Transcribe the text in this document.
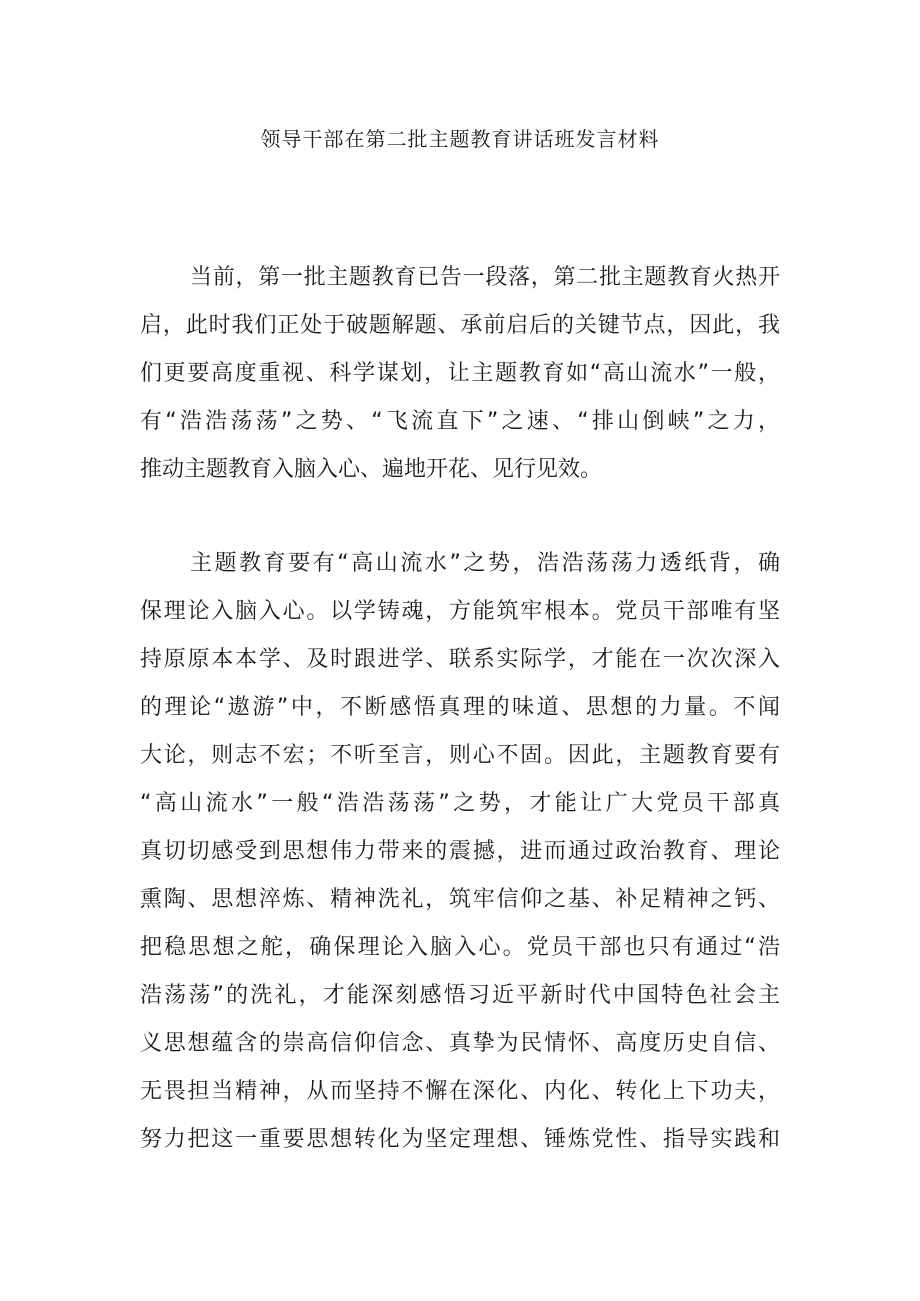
领导干部在第二批主题教育讲话班发言材料
当前，第一批主题教育已告一段落，第二批主题教育火热开
启，此时我们正处于破题解题、承前启后的关键节点，因此，我
们更要高度重视、科学谋划，让主题教育如“高山流水”一般，
有“浩浩荡荡”之势、“飞流直下”之速、“排山倒峡”之力，
推动主题教育入脑入心、遍地开花、见行见效。
主题教育要有“高山流水”之势，浩浩荡荡力透纸背，确
保理论入脑入心。以学铸魂，方能筑牢根本。党员干部唯有坚
持原原本本学、及时跟进学、联系实际学，才能在一次次深入
的理论“遨游”中，不断感悟真理的味道、思想的力量。不闻
大论，则志不宏；不听至言，则心不固。因此，主题教育要有
“高山流水”一般“浩浩荡荡”之势，才能让广大党员干部真
真切切感受到思想伟力带来的震撼，进而通过政治教育、理论
熏陶、思想淬炼、精神洗礼，筑牢信仰之基、补足精神之钙、
把稳思想之舵，确保理论入脑入心。党员干部也只有通过“浩
浩荡荡”的洗礼，才能深刻感悟习近平新时代中国特色社会主
义思想蕴含的崇高信仰信念、真挚为民情怀、高度历史自信、
无畏担当精神，从而坚持不懈在深化、内化、转化上下功夫，
努力把这一重要思想转化为坚定理想、锤炼党性、指导实践和
